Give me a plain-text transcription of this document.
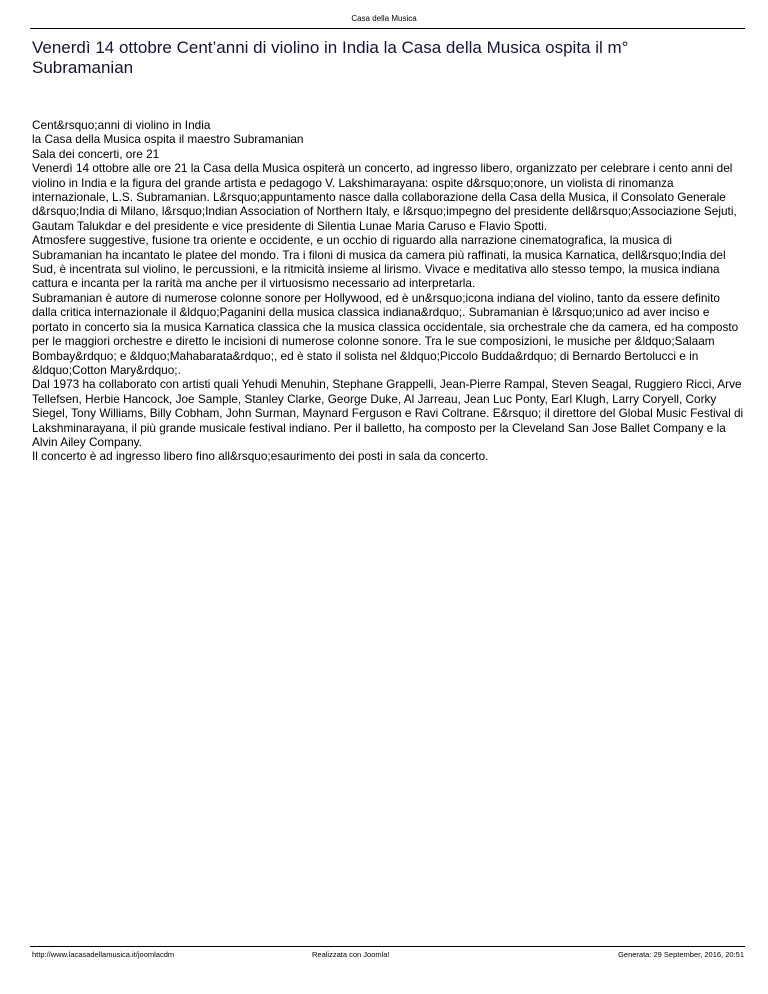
Casa della Musica
Venerdì 14 ottobre Cent’anni di violino in India la Casa della Musica ospita il m° Subramanian

Cent&rsquo;anni di violino in India

la Casa della Musica ospita il maestro Subramanian

Sala dei concerti, ore 21

Venerdì 14 ottobre alle ore 21 la Casa della Musica ospiterà un concerto, ad ingresso libero, organizzato per celebrare i cento anni del violino in India e la figura del grande artista e pedagogo V. Lakshimarayana: ospite d&rsquo;onore, un violista di rinomanza internazionale, L.S. Subramanian. L&rsquo;appuntamento nasce dalla collaborazione della Casa della Musica, il Consolato Generale d&rsquo;India di Milano, l&rsquo;Indian Association of Northern Italy, e l&rsquo;impegno del presidente dell&rsquo;Associazione Sejuti, Gautam Talukdar e del presidente e vice presidente di Silentia Lunae Maria Caruso e Flavio Spotti.

Atmosfere suggestive, fusione tra oriente e occidente, e un occhio di riguardo alla narrazione cinematografica, la musica di Subramanian ha incantato le platee del mondo. Tra i filoni di musica da camera più raffinati, la musica Karnatica, dell&rsquo;India del Sud, è incentrata sul violino, le percussioni, e la ritmicità insieme al lirismo. Vivace e meditativa allo stesso tempo, la musica indiana cattura e incanta per la rarità ma anche per il virtuosismo necessario ad interpretarla.

Subramanian è autore di numerose colonne sonore per Hollywood, ed è un&rsquo;icona indiana del violino, tanto da essere definito dalla critica internazionale il &ldquo;Paganini della musica classica indiana&rdquo;. Subramanian è l&rsquo;unico ad aver inciso e portato in concerto sia la musica Karnatica classica che la musica classica occidentale, sia orchestrale che da camera, ed ha composto per le maggiori orchestre e diretto le incisioni di numerose colonne sonore. Tra le sue composizioni, le musiche per &ldquo;Salaam Bombay&rdquo; e &ldquo;Mahabarata&rdquo;, ed è stato il solista nel &ldquo;Piccolo Budda&rdquo; di Bernardo Bertolucci e in &ldquo;Cotton Mary&rdquo;.

Dal 1973 ha collaborato con artisti quali Yehudi Menuhin, Stephane Grappelli, Jean-Pierre Rampal, Steven Seagal, Ruggiero Ricci, Arve Tellefsen, Herbie Hancock, Joe Sample, Stanley Clarke, George Duke, Al Jarreau, Jean Luc Ponty, Earl Klugh, Larry Coryell, Corky Siegel, Tony Williams, Billy Cobham, John Surman, Maynard Ferguson e Ravi Coltrane. E&rsquo; il direttore del Global Music Festival di Lakshminarayana, il più grande musicale festival indiano. Per il balletto, ha composto per la Cleveland San Jose Ballet Company e la Alvin Ailey Company.

Il concerto è ad ingresso libero fino all&rsquo;esaurimento dei posti in sala da concerto.

http://www.lacasadellamusica.it/joomlacdm	Realizzata con Joomla!	Generata: 29 September, 2016, 20:51
